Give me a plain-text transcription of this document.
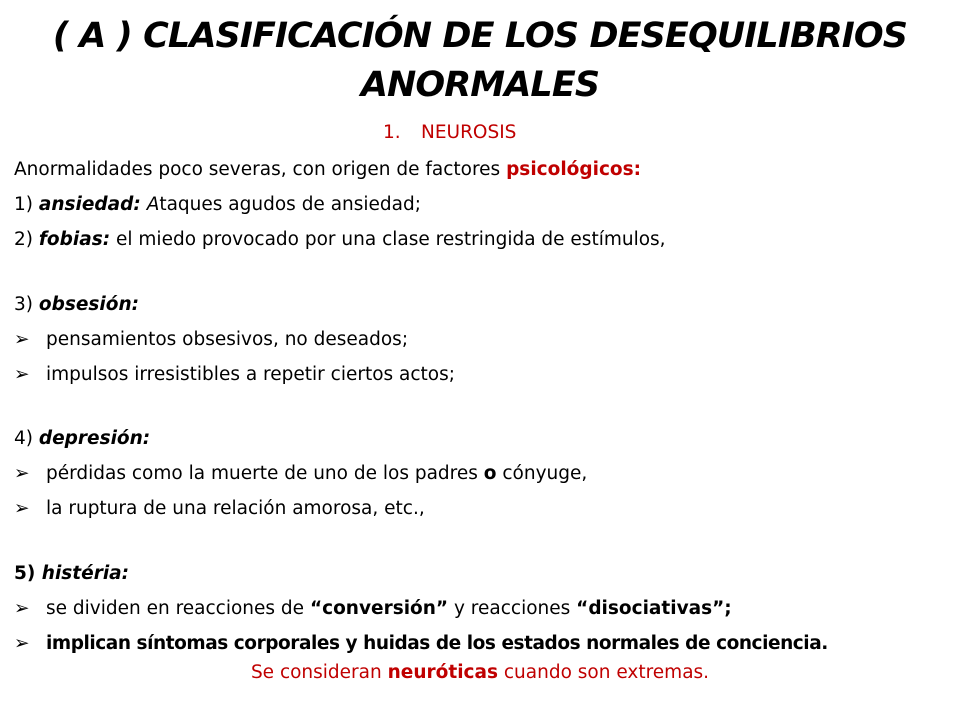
( A ) CLASIFICACIÓN DE LOS DESEQUILIBRIOS
ANORMALES
1. NEUROSIS
Anormalidades poco severas, con origen de factores psicológicos:
1) ansiedad: Ataques agudos de ansiedad;
2) fobias: el miedo provocado por una clase restringida de estímulos,
3) obsesión:
➢ pensamientos obsesivos, no deseados;
➢ impulsos irresistibles a repetir ciertos actos;
4) depresión:
➢ pérdidas como la muerte de uno de los padres o cónyuge,
➢ la ruptura de una relación amorosa, etc.,
5) histéria:
➢ se dividen en reacciones de “conversión” y reacciones “disociativas”;
➢ implican síntomas corporales y huidas de los estados normales de conciencia.
Se consideran neuróticas cuando son extremas.
